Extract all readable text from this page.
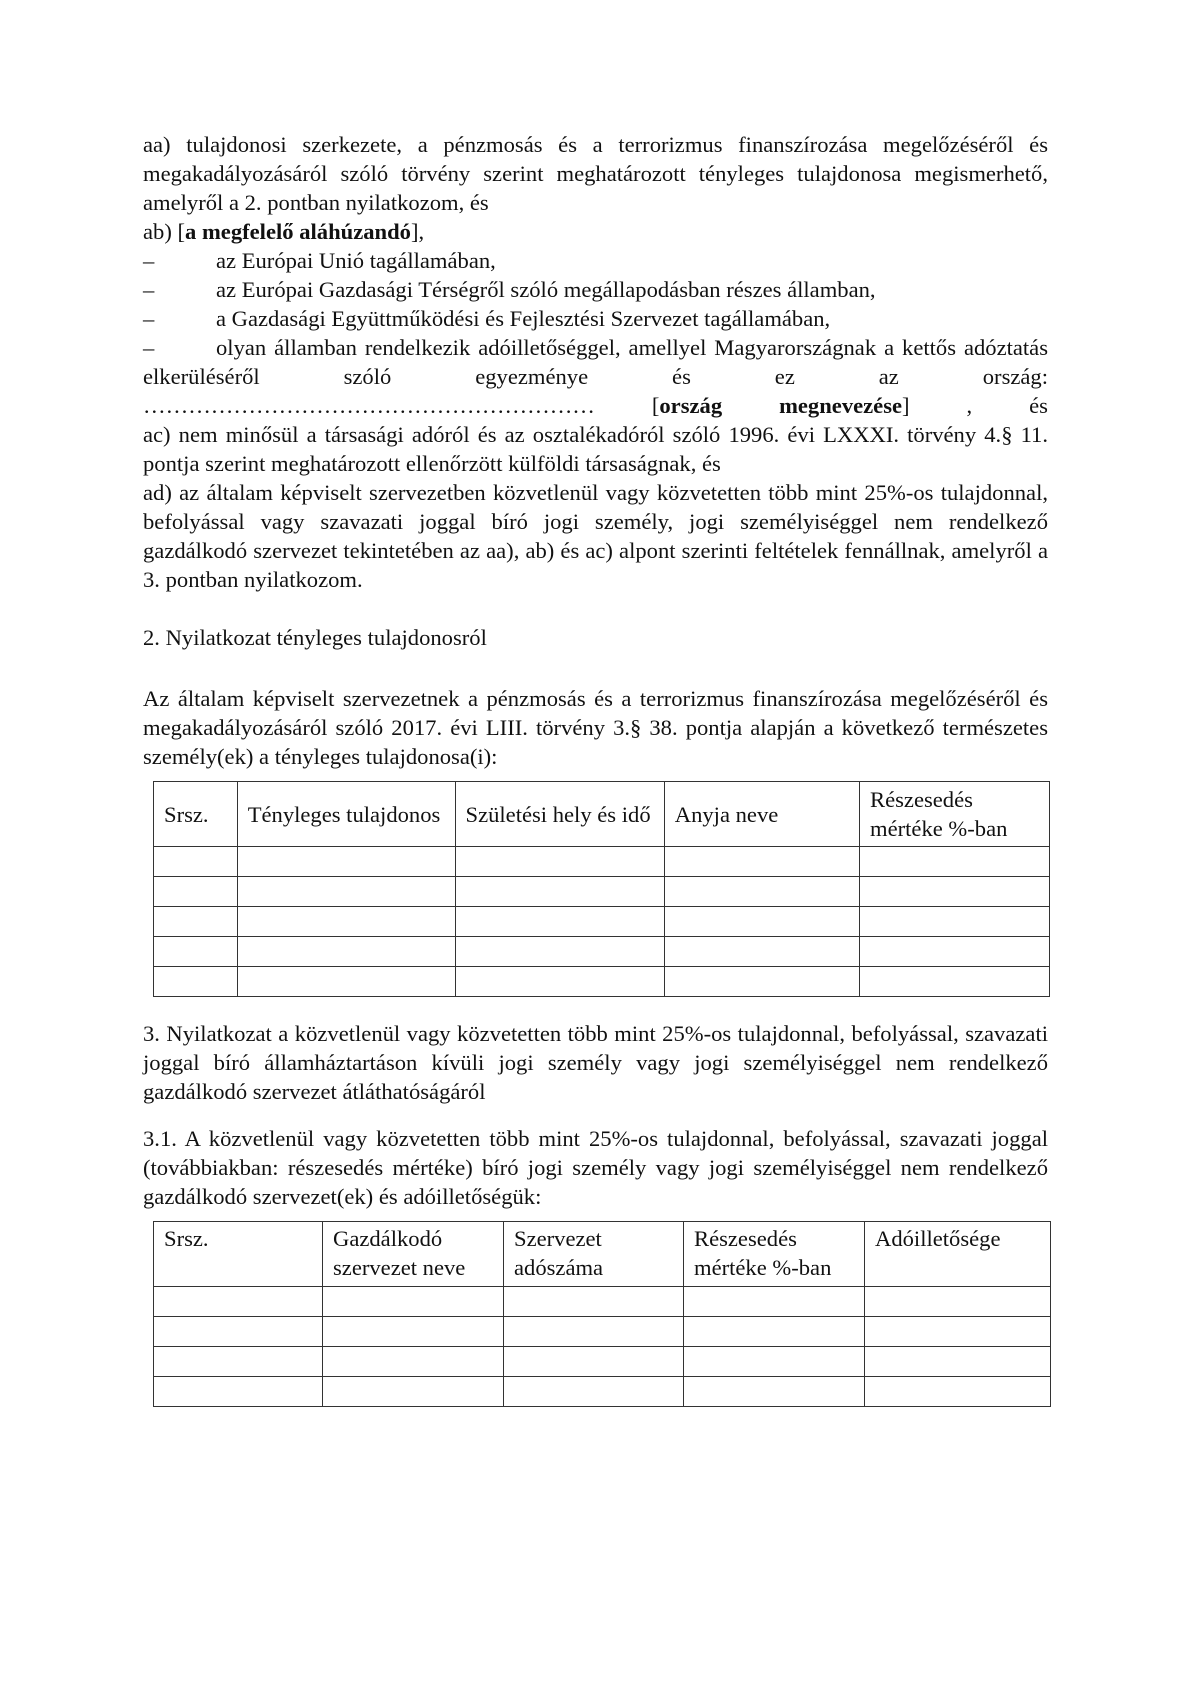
aa) tulajdonosi szerkezete, a pénzmosás és a terrorizmus finanszírozása megelőzéséről és megakadályozásáról szóló törvény szerint meghatározott tényleges tulajdonosa megismerhető, amelyről a 2. pontban nyilatkozom, és

ab) [a megfelelő aláhúzandó],

–	az Európai Unió tagállamában,
–	az Európai Gazdasági Térségről szóló megállapodásban részes államban,
–	a Gazdasági Együttműködési és Fejlesztési Szervezet tagállamában,

–	olyan államban rendelkezik adóilletőséggel, amellyel Magyarországnak a kettős adóztatás elkerüléséről szóló egyezménye és ez az ország:

…………………………………………………… [ország megnevezése] , és

ac) nem minősül a társasági adóról és az osztalékadóról szóló 1996. évi LXXXI. törvény 4.§ 11. pontja szerint meghatározott ellenőrzött külföldi társaságnak, és

ad) az általam képviselt szervezetben közvetlenül vagy közvetetten több mint 25%-os tulajdonnal, befolyással vagy szavazati joggal bíró jogi személy, jogi személyiséggel nem rendelkező gazdálkodó szervezet tekintetében az aa), ab) és ac) alpont szerinti feltételek fennállnak, amelyről a 3. pontban nyilatkozom.

2. Nyilatkozat tényleges tulajdonosról

Az általam képviselt szervezetnek a pénzmosás és a terrorizmus finanszírozása megelőzéséről és megakadályozásáról szóló 2017. évi LIII. törvény 3.§ 38. pontja alapján a következő természetes személy(ek) a tényleges tulajdonosa(i):

Srsz.	Tényleges tulajdonos	Születési hely és idő	Anyja neve	Részesedés mértéke %-ban

3. Nyilatkozat a közvetlenül vagy közvetetten több mint 25%-os tulajdonnal, befolyással, szavazati joggal bíró államháztartáson kívüli jogi személy vagy jogi személyiséggel nem rendelkező gazdálkodó szervezet átláthatóságáról

3.1. A közvetlenül vagy közvetetten több mint 25%-os tulajdonnal, befolyással, szavazati joggal (továbbiakban: részesedés mértéke) bíró jogi személy vagy jogi személyiséggel nem rendelkező gazdálkodó szervezet(ek) és adóilletőségük:

Srsz.	Gazdálkodó szervezet neve	Szervezet adószáma	Részesedés mértéke %-ban	Adóilletősége
